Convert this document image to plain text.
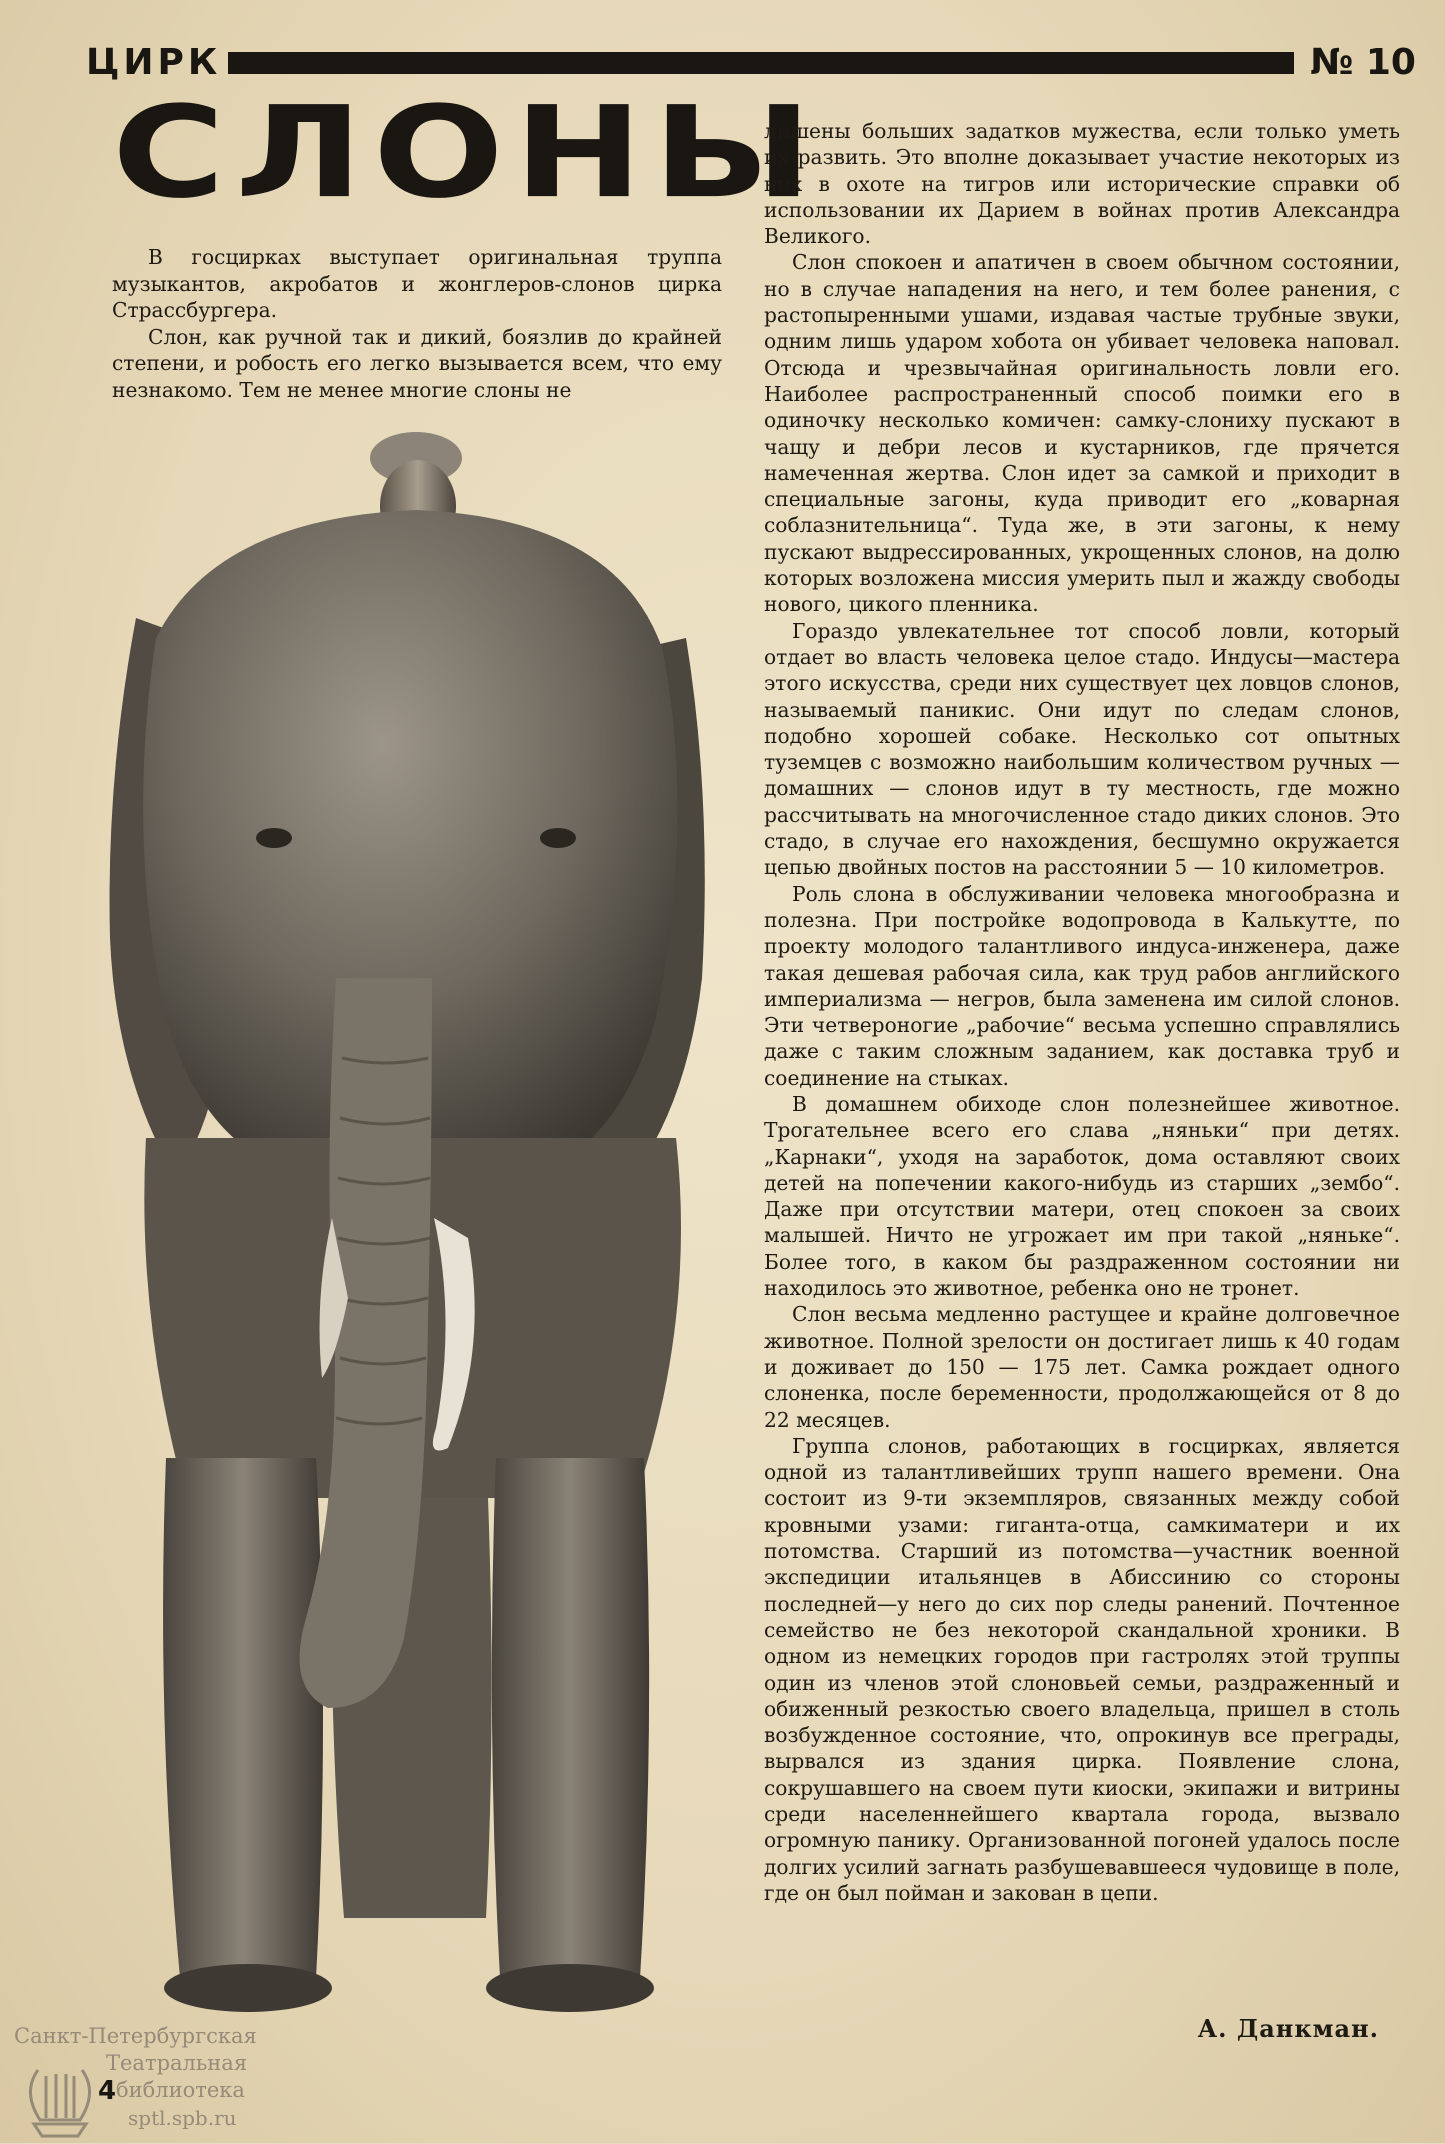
ЦИРК	№ 10
СЛОНЫ

В госцирках выступает оригинальная труппа музыкантов, акробатов и жонглеров-слонов цирка Страссбургера.

Слон, как ручной так и дикий, боязлив до крайней степени, и робость его легко вызывается всем, что ему незнакомо. Тем не менее многие слоны не

лишены больших задатков мужества, если только уметь их развить. Это вполне доказывает участие некоторых из них в охоте на тигров или исторические справки об использовании их Дарием в войнах против Александра Великого.

Слон спокоен и апатичен в своем обычном состоянии, но в случае нападения на него, и тем более ранения, с растопыренными ушами, издавая частые трубные звуки, одним лишь ударом хобота он убивает человека наповал. Отсюда и чрезвычайная оригинальность ловли его. Наиболее распространенный способ поимки его в одиночку несколько комичен: самку-слониху пускают в чащу и дебри лесов и кустарников, где прячется намеченная жертва. Слон идет за самкой и приходит в специальные загоны, куда приводит его „коварная соблазнительница“. Туда же, в эти загоны, к нему пускают выдрессированных, укрощенных слонов, на долю которых возложена миссия умерить пыл и жажду свободы нового, цикого пленника.

Гораздо увлекательнее тот способ ловли, который отдает во власть человека целое стадо. Индусы—мастера этого искусства, среди них существует цех ловцов слонов, называемый паникис. Они идут по следам слонов, подобно хорошей собаке. Несколько сот опытных туземцев с возможно наибольшим количеством ручных — домашних — слонов идут в ту местность, где можно рассчитывать на многочисленное стадо диких слонов. Это стадо, в случае его нахождения, бесшумно окружается цепью двойных постов на расстоянии 5 — 10 километров.

Роль слона в обслуживании человека многообразна и полезна. При постройке водопровода в Калькутте, по проекту молодого талантливого индуса-инженера, даже такая дешевая рабочая сила, как труд рабов английского империализма — негров, была заменена им силой слонов. Эти четвероногие „рабочие“ весьма успешно справлялись даже с таким сложным заданием, как доставка труб и соединение на стыках.

В домашнем обиходе слон полезнейшее животное. Трогательнее всего его слава „няньки“ при детях. „Карнаки“, уходя на заработок, дома оставляют своих детей на попечении какого-нибудь из старших „зембо“. Даже при отсутствии матери, отец спокоен за своих малышей. Ничто не угрожает им при такой „няньке“. Более того, в каком бы раздраженном состоянии ни находилось это животное, ребенка оно не тронет.

Слон весьма медленно растущее и крайне долговечное животное. Полной зрелости он достигает лишь к 40 годам и доживает до 150 — 175 лет. Самка рождает одного слоненка, после беременности, продолжающейся от 8 до 22 месяцев.

Группа слонов, работающих в госцирках, является одной из талантливейших трупп нашего времени. Она состоит из 9-ти экземпляров, связанных между собой кровными узами: гиганта-отца, самкиматери и их потомства. Старший из потомства—участник военной экспедиции итальянцев в Абиссинию со стороны последней—у него до сих пор следы ранений. Почтенное семейство не без некоторой скандальной хроники. В одном из немецких городов при гастролях этой труппы один из членов этой слоновьей семьи, раздраженный и обиженный резкостью своего владельца, пришел в столь возбужденное состояние, что, опрокинув все преграды, вырвался из здания цирка. Появление слона, сокрушавшего на своем пути киоски, экипажи и витрины среди населеннейшего квартала города, вызвало огромную панику. Организованной погоней удалось после долгих усилий загнать разбушевавшееся чудовище в поле, где он был пойман и закован в цепи.

А. Данкман.
Санкт-Петербургская
Театральная
библиотека
sptl.spb.ru
4
